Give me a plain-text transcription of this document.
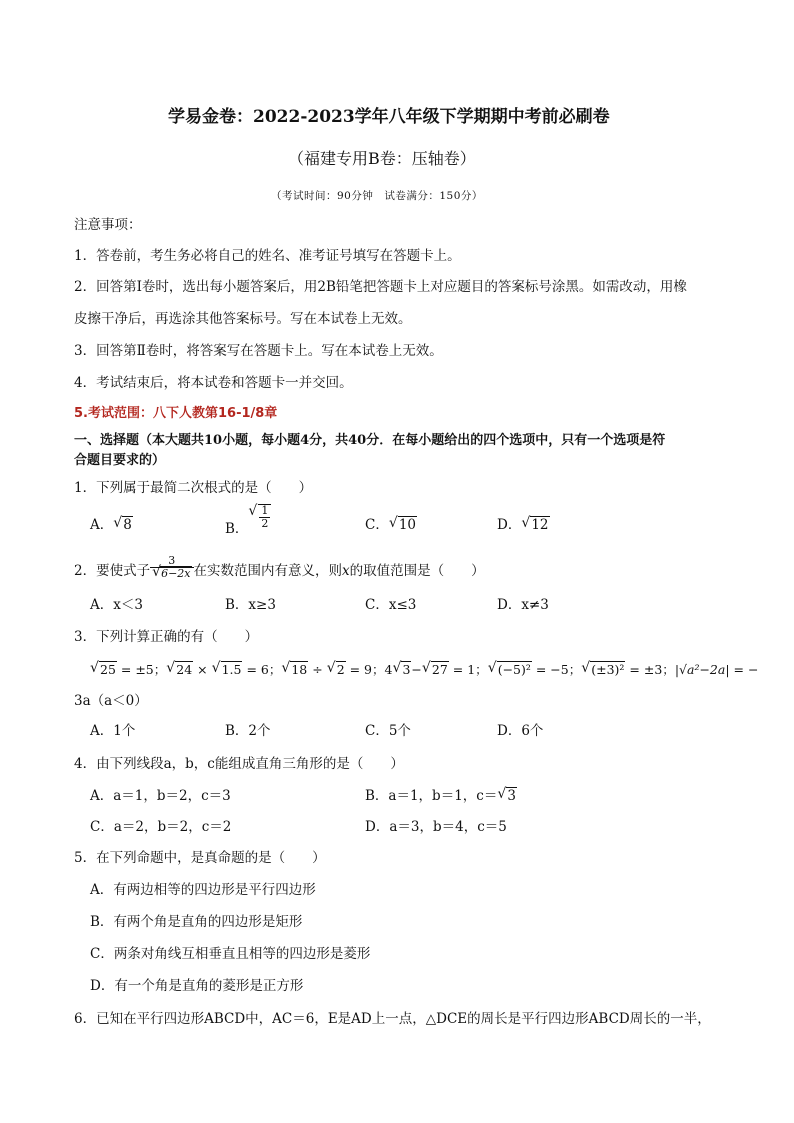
学易金卷：2022-2023学年八年级下学期期中考前必刷卷
（福建专用B卷：压轴卷）
（考试时间：90分钟　试卷满分：150分）
注意事项：
1．答卷前，考生务必将自己的姓名、准考证号填写在答题卡上。
2．回答第Ⅰ卷时，选出每小题答案后，用2B铅笔把答题卡上对应题目的答案标号涂黑。如需改动，用橡
皮擦干净后，再选涂其他答案标号。写在本试卷上无效。
3．回答第Ⅱ卷时，将答案写在答题卡上。写在本试卷上无效。
4．考试结束后，将本试卷和答题卡一并交回。
5.考试范围：八下人教第16-1/8章
一、选择题（本大题共10小题，每小题4分，共40分．在每小题给出的四个选项中，只有一个选项是符
合题目要求的）
1．下列属于最简二次根式的是（　　）
A． √ 8	B． √ $\frac{1}{2}$	C． √ 10	D． √ 12
2．要使式子 3
√ 6−2x 在实数范围内有意义，则x的取值范围是（　　）
A．x＜3	B．x≥3	C．x≤3	D．x≠3
3．下列计算正确的有（　　）
√ 25 = ±5； √ 24 × √ 1.5 = 6； √ 18 ÷ √ 2 = 9；4 √ 3− √ 27 = 1； √ (−5)² = −5； √ (±3)² = ±3；|√a²−2a| = −
3a（a＜0）
A．1个	B．2个	C．5个	D．6个
4．由下列线段a，b，c能组成直角三角形的是（　　）
A．a＝1，b＝2，c＝3	B．a＝1，b＝1，c＝ √ 3
C．a＝2，b＝2，c＝2	D．a＝3，b＝4，c＝5
5．在下列命题中，是真命题的是（　　）
A．有两边相等的四边形是平行四边形
B．有两个角是直角的四边形是矩形
C．两条对角线互相垂直且相等的四边形是菱形
D．有一个角是直角的菱形是正方形
6．已知在平行四边形ABCD中，AC＝6，E是AD上一点，△DCE的周长是平行四边形ABCD周长的一半，
